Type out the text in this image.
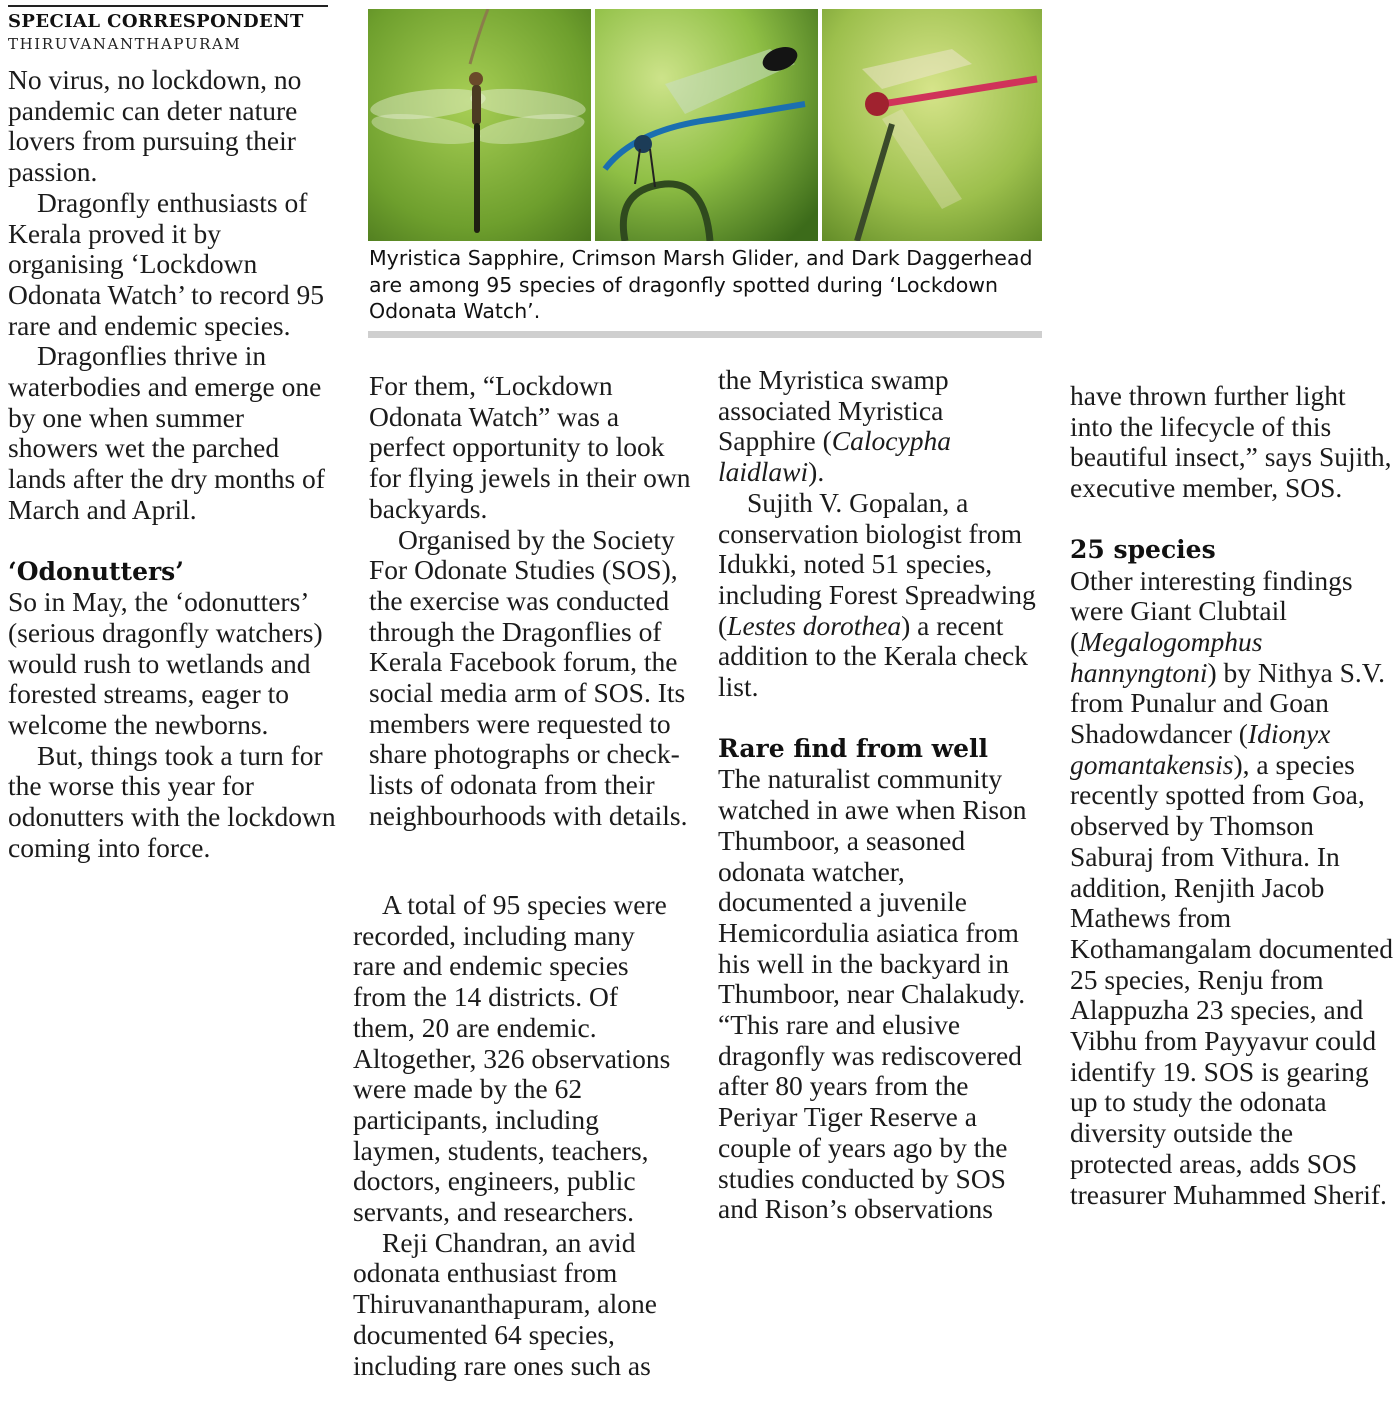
SPECIAL CORRESPONDENT
THIRUVANANTHAPURAM

No virus, no lockdown, no pandemic can deter nature lovers from pursuing their passion.

Dragonfly enthusiasts of Kerala proved it by organising ‘Lockdown Odonata Watch’ to record 95 rare and endemic species.

Dragonflies thrive in waterbodies and emerge one by one when summer showers wet the parched lands after the dry months of March and April.

‘Odonutters’

So in May, the ‘odonutters’ (serious dragonfly watchers) would rush to wetlands and forested streams, eager to welcome the newborns.

But, things took a turn for the worse this year for odonutters with the lockdown coming into force.

Myristica Sapphire, Crimson Marsh Glider, and Dark Daggerhead are among 95 species of dragonfly spotted during ‘Lockdown Odonata Watch’.

For them, “Lockdown Odonata Watch” was a perfect opportunity to look for flying jewels in their own backyards.

Organised by the Society For Odonate Studies (SOS), the exercise was conducted through the Dragonflies of Kerala Facebook forum, the social media arm of SOS. Its members were requested to share photographs or check-lists of odonata from their neighbourhoods with details.

A total of 95 species were recorded, including many rare and endemic species from the 14 districts. Of them, 20 are endemic. Altogether, 326 observations were made by the 62 participants, including laymen, students, teachers, doctors, engineers, public servants, and researchers.

Reji Chandran, an avid odonata enthusiast from Thiruvananthapuram, alone documented 64 species, including rare ones such as

the Myristica swamp associated Myristica Sapphire (Calocypha laidlawi).

Sujith V. Gopalan, a conservation biologist from Idukki, noted 51 species, including Forest Spreadwing (Lestes dorothea) a recent addition to the Kerala check list.

Rare find from well

The naturalist community watched in awe when Rison Thumboor, a seasoned odonata watcher, documented a juvenile Hemicordulia asiatica from his well in the backyard in Thumboor, near Chalakudy. “This rare and elusive dragonfly was rediscovered after 80 years from the Periyar Tiger Reserve a couple of years ago by the studies conducted by SOS and Rison’s observations

have thrown further light into the lifecycle of this beautiful insect,” says Sujith, executive member, SOS.

25 species

Other interesting findings were Giant Clubtail (Megalogomphus hannyngtoni) by Nithya S.V. from Punalur and Goan Shadowdancer (Idionyx gomantakensis), a species recently spotted from Goa, observed by Thomson Saburaj from Vithura. In addition, Renjith Jacob Mathews from Kothamangalam documented 25 species, Renju from Alappuzha 23 species, and Vibhu from Payyavur could identify 19. SOS is gearing up to study the odonata diversity outside the protected areas, adds SOS treasurer Muhammed Sherif.
